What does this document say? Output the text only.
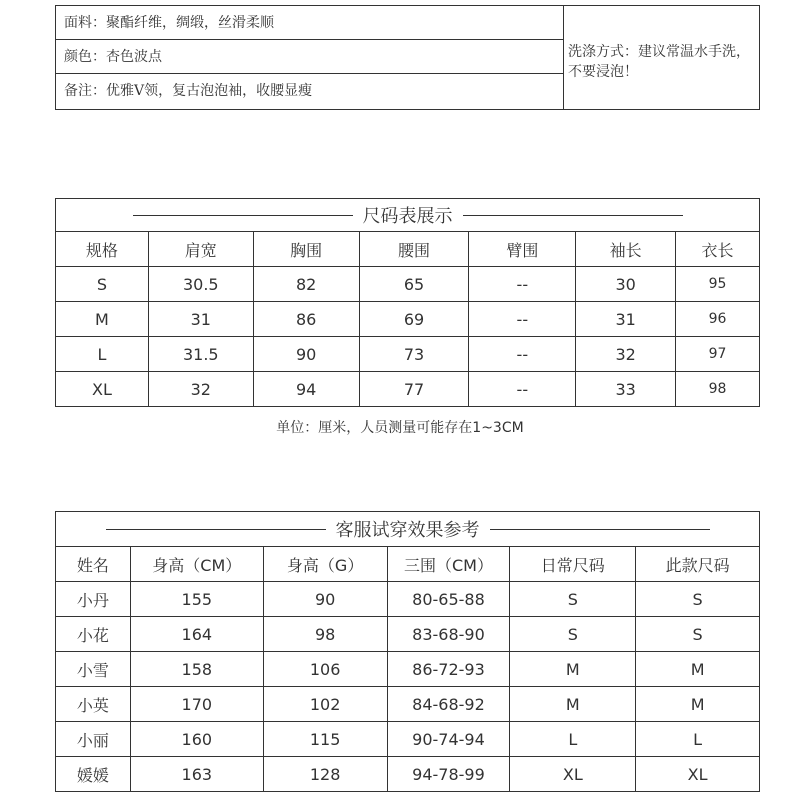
面料：聚酯纤维，绸缎，丝滑柔顺
颜色：杏色波点
备注：优雅V领，复古泡泡袖，收腰显瘦
洗涤方式：建议常温水手洗，不要浸泡！
尺码表展示						

规格	肩宽	胸围	腰围	臂围	袖长	衣长
S	30.5	82	65	--	30	95
M	31	86	69	--	31	96
L	31.5	90	73	--	32	97
XL	32	94	77	--	33	98
单位：厘米，人员测量可能存在1~3CM
客服试穿效果参考					

姓名	身高（CM）	身高（G）	三围（CM）	日常尺码	此款尺码
小丹	155	90	80-65-88	S	S
小花	164	98	83-68-90	S	S
小雪	158	106	86-72-93	M	M
小英	170	102	84-68-92	M	M
小丽	160	115	90-74-94	L	L
媛媛	163	128	94-78-99	XL	XL
